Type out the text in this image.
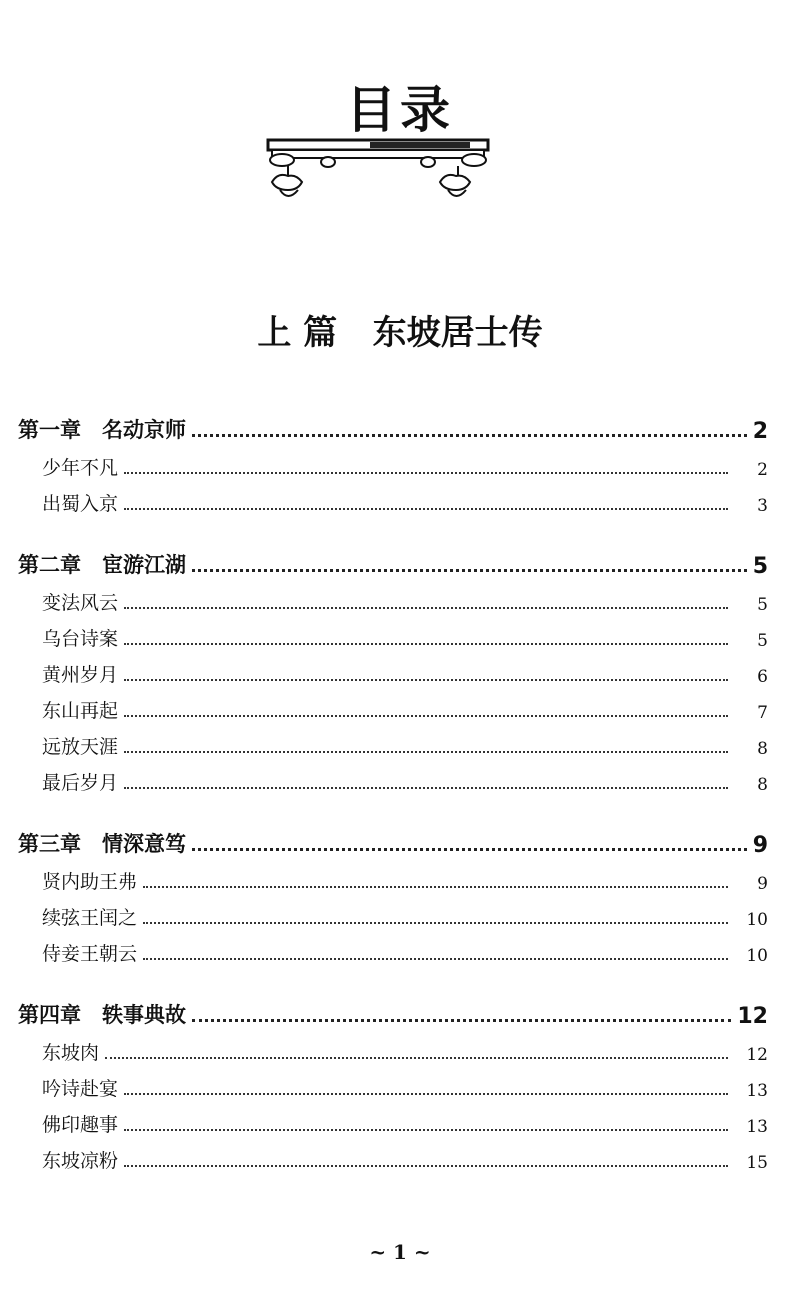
目录
上 篇   东坡居士传
第一章　名动京师	2
少年不凡	2
出蜀入京	3
第二章　宦游江湖	5
变法风云	5
乌台诗案	5
黄州岁月	6
东山再起	7
远放天涯	8
最后岁月	8
第三章　情深意笃	9
贤内助王弗	9
续弦王闰之	10
侍妾王朝云	10
第四章　轶事典故	12
东坡肉	12
吟诗赴宴	13
佛印趣事	13
东坡凉粉	15
~ 1 ~
